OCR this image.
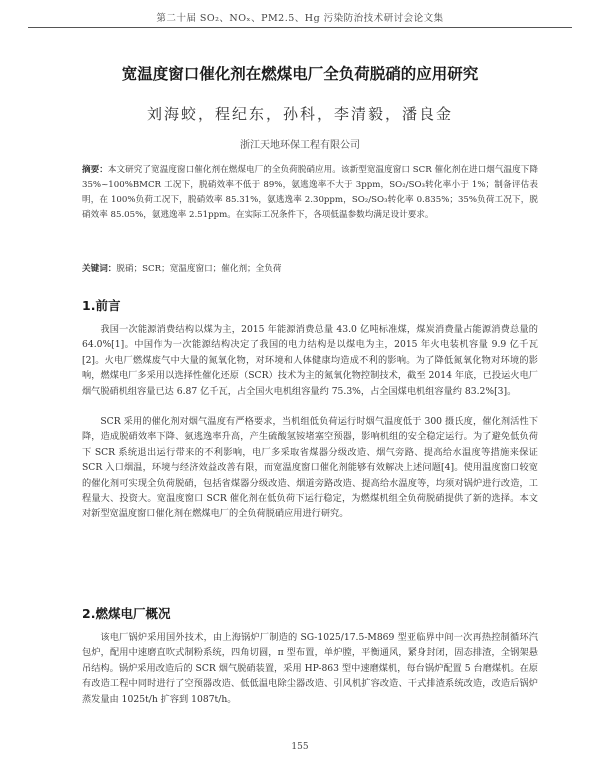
第二十届 SO₂、NOₓ、PM2.5、Hg 污染防治技术研讨会论文集
宽温度窗口催化剂在燃煤电厂全负荷脱硝的应用研究
刘海蛟，程纪东，孙科，李清毅，潘良金
浙江天地环保工程有限公司
摘要：本文研究了宽温度窗口催化剂在燃煤电厂的全负荷脱硝应用。该新型宽温度窗口 SCR 催化剂在进口烟气温度下降 35%~100%BMCR 工况下，脱硝效率不低于 89%，氨逃逸率不大于 3ppm，SO₂/SO₃转化率小于 1%；制备评估表明，在 100%负荷工况下，脱硝效率 85.31%，氨逃逸率 2.30ppm，SO₂/SO₃转化率 0.835%；35%负荷工况下，脱硝效率 85.05%，氨逃逸率 2.51ppm。在实际工况条件下，各项低温参数均满足设计要求。
关键词：脱硝；SCR；宽温度窗口；催化剂；全负荷
1.前言
我国一次能源消费结构以煤为主，2015 年能源消费总量 43.0 亿吨标准煤，煤炭消费量占能源消费总量的 64.0%[1]。中国作为一次能源结构决定了我国的电力结构是以煤电为主，2015 年火电装机容量 9.9 亿千瓦[2]。火电厂燃煤废气中大量的氮氧化物，对环境和人体健康均造成不利的影响。为了降低氮氧化物对环境的影响，燃煤电厂多采用以选择性催化还原（SCR）技术为主的氮氧化物控制技术，截至 2014 年底，已投运火电厂烟气脱硝机组容量已达 6.87 亿千瓦，占全国火电机组容量约 75.3%，占全国煤电机组容量约 83.2%[3]。
SCR 采用的催化剂对烟气温度有严格要求，当机组低负荷运行时烟气温度低于 300 摄氏度，催化剂活性下降，造成脱硝效率下降、氨逃逸率升高，产生硫酸氢铵堵塞空预器，影响机组的安全稳定运行。为了避免低负荷下 SCR 系统退出运行带来的不利影响，电厂多采取省煤器分级改造、烟气旁路、提高给水温度等措施来保证 SCR 入口烟温，环境与经济效益改善有限，而宽温度窗口催化剂能够有效解决上述问题[4]。使用温度窗口较宽的催化剂可实现全负荷脱硝，包括省煤器分级改造、烟道旁路改造、提高给水温度等，均须对锅炉进行改造，工程量大、投资大。宽温度窗口 SCR 催化剂在低负荷下运行稳定，为燃煤机组全负荷脱硝提供了新的选择。本文对新型宽温度窗口催化剂在燃煤电厂的全负荷脱硝应用进行研究。
2.燃煤电厂概况
该电厂锅炉采用国外技术，由上海锅炉厂制造的 SG-1025/17.5-M869 型亚临界中间一次再热控制循环汽包炉，配用中速磨直吹式制粉系统，四角切圆，π 型布置，单炉膛，平衡通风，紧身封闭，固态排渣，全钢架悬吊结构。锅炉采用改造后的 SCR 烟气脱硝装置，采用 HP-863 型中速磨煤机，每台锅炉配置 5 台磨煤机。在原有改造工程中同时进行了空预器改造、低低温电除尘器改造、引风机扩容改造、干式排渣系统改造，改造后锅炉蒸发量由 1025t/h 扩容到 1087t/h。
155
